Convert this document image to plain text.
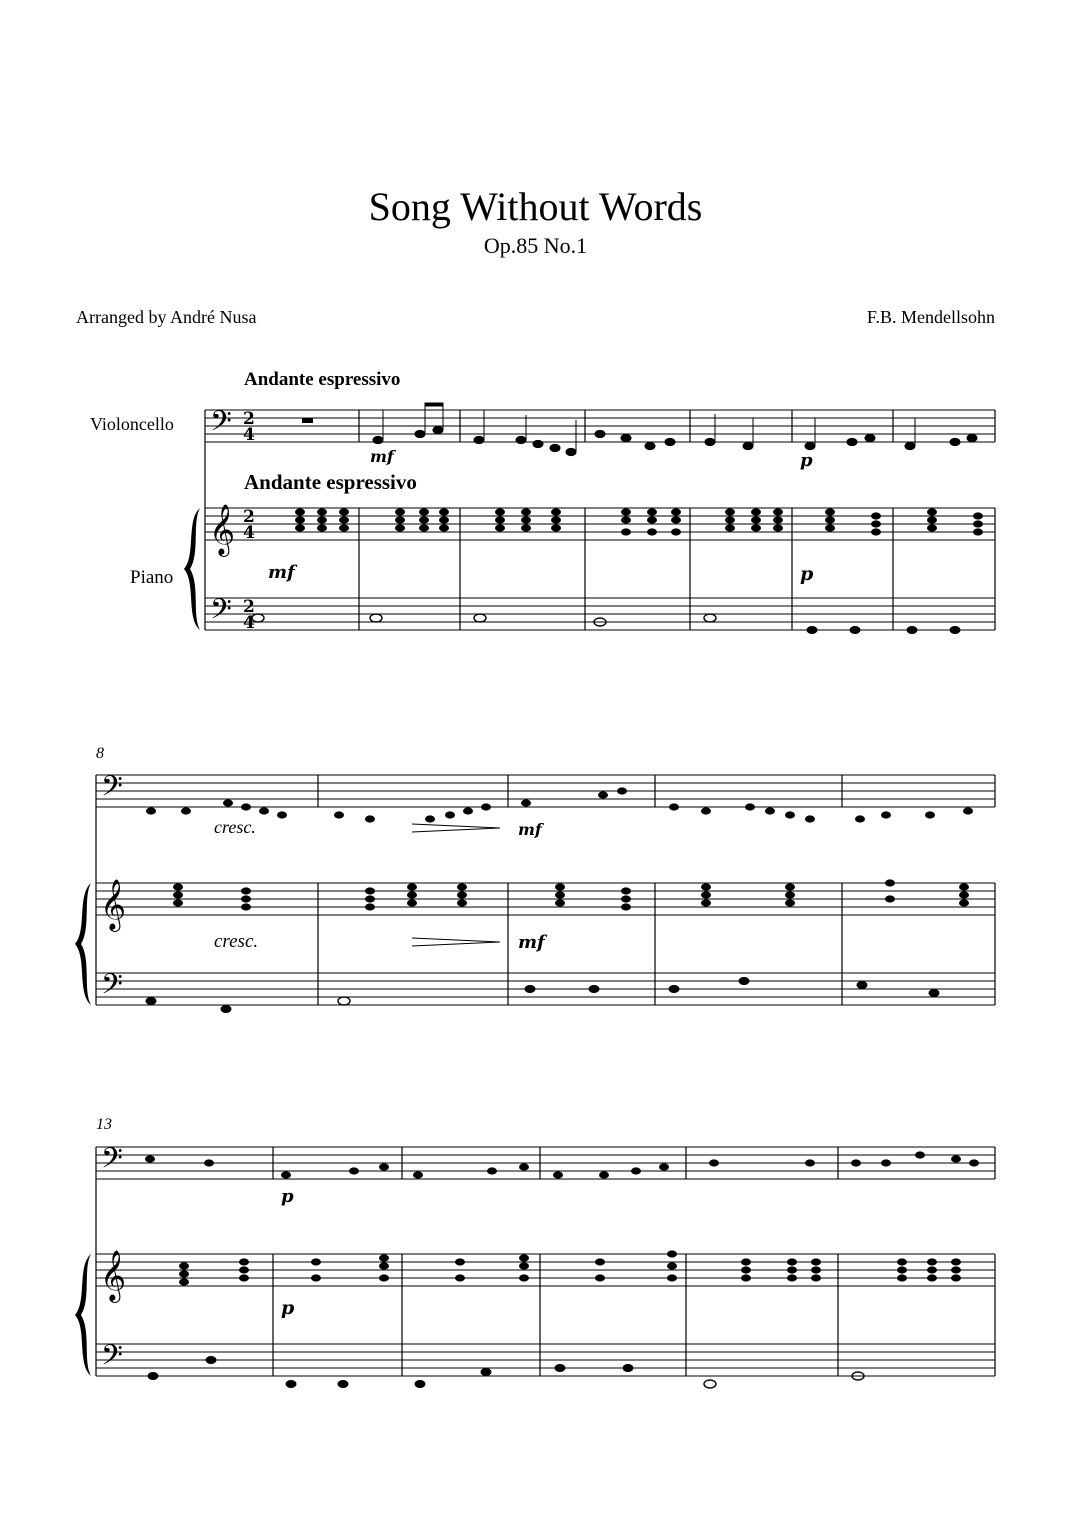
Song Without Words
Op.85 No.1
Arranged by André Nusa	F.B. Mendellsohn
Andante espressivo
Andante espressivo
Violoncello
Piano
𝄢
𝄞
𝄢
2
4
2
4
2
4
mf	p
mf	p
8
𝄢
𝄞
𝄢
cresc.	mf
cresc.	mf
13
𝄢
𝄞
𝄢
p
p
